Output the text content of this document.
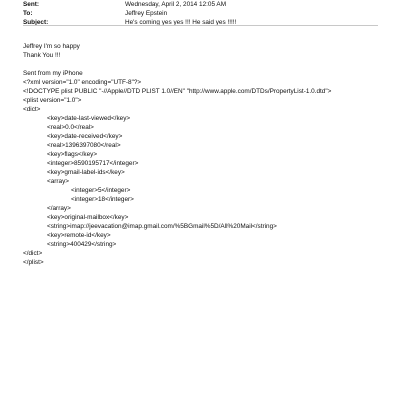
Sent:	Wednesday, April 2, 2014 12:05 AM
To:	Jeffrey Epstein
Subject:	He's coming yes yes !!! He said yes !!!!!
Jeffrey I'm so happy
Thank You !!!
Sent from my iPhone
<?xml version="1.0" encoding="UTF-8"?>
<!DOCTYPE plist PUBLIC "-//Apple//DTD PLIST 1.0//EN" "http://www.apple.com/DTDs/PropertyList-1.0.dtd">
<plist version="1.0">
<dict>
<key>date-last-viewed</key>
<real>0.0</real>
<key>date-received</key>
<real>1396397080</real>
<key>flags</key>
<integer>8590195717</integer>
<key>gmail-label-ids</key>
<array>
<integer>5</integer>
<integer>18</integer>
</array>
<key>original-mailbox</key>
<string>imap://jeevacation@imap.gmail.com/%5BGmail%5D/All%20Mail</string>
<key>remote-id</key>
<string>400429</string>
</dict>
</plist>
